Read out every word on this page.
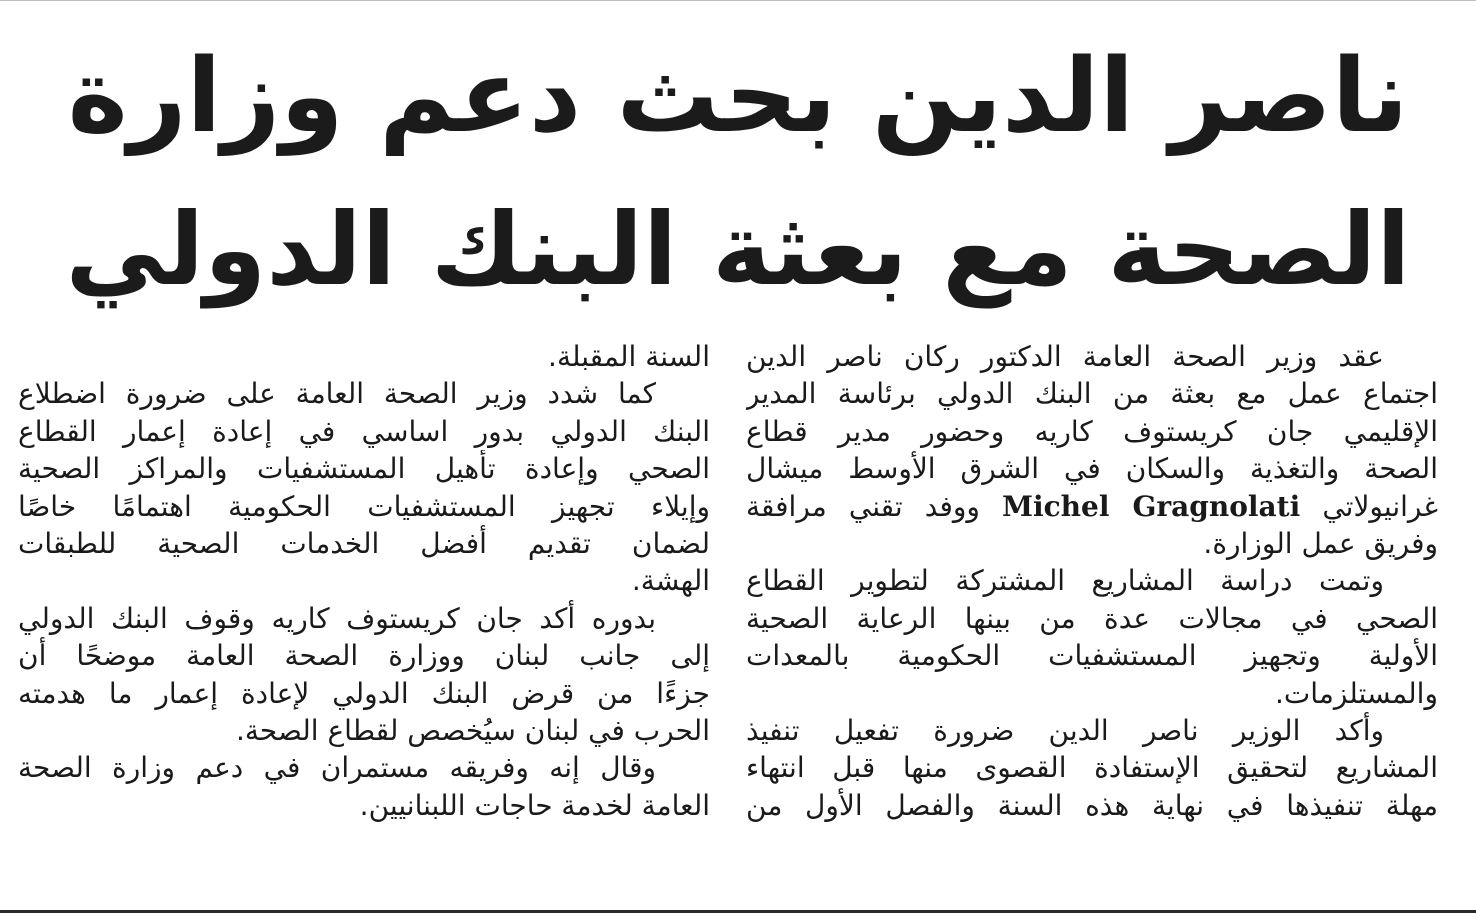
ناصر الدين بحث دعم وزارة
الصحة مع بعثة البنك الدولي
عقد وزير الصحة العامة الدكتور ركان ناصر الدين
اجتماع عمل مع بعثة من البنك الدولي برئاسة المدير
الإقليمي جان كريستوف كاريه وحضور مدير قطاع
الصحة والتغذية والسكان في الشرق الأوسط ميشال
غرانيولاتي Michel Gragnolati ووفد تقني مرافقة
وفريق عمل الوزارة.
وتمت دراسة المشاريع المشتركة لتطوير القطاع
الصحي في مجالات عدة من بينها الرعاية الصحية
الأولية وتجهيز المستشفيات الحكومية بالمعدات
والمستلزمات.
وأكد الوزير ناصر الدين ضرورة تفعيل تنفيذ
المشاريع لتحقيق الإستفادة القصوى منها قبل انتهاء
مهلة تنفيذها في نهاية هذه السنة والفصل الأول من
السنة المقبلة.
كما شدد وزير الصحة العامة على ضرورة اضطلاع
البنك الدولي بدور اساسي في إعادة إعمار القطاع
الصحي وإعادة تأهيل المستشفيات والمراكز الصحية
وإيلاء تجهيز المستشفيات الحكومية اهتمامًا خاصًا
لضمان تقديم أفضل الخدمات الصحية للطبقات
الهشة.
بدوره أكد جان كريستوف كاريه وقوف البنك الدولي
إلى جانب لبنان ووزارة الصحة العامة موضحًا أن
جزءًا من قرض البنك الدولي لإعادة إعمار ما هدمته
الحرب في لبنان سيُخصص لقطاع الصحة.
وقال إنه وفريقه مستمران في دعم وزارة الصحة
العامة لخدمة حاجات اللبنانيين.
